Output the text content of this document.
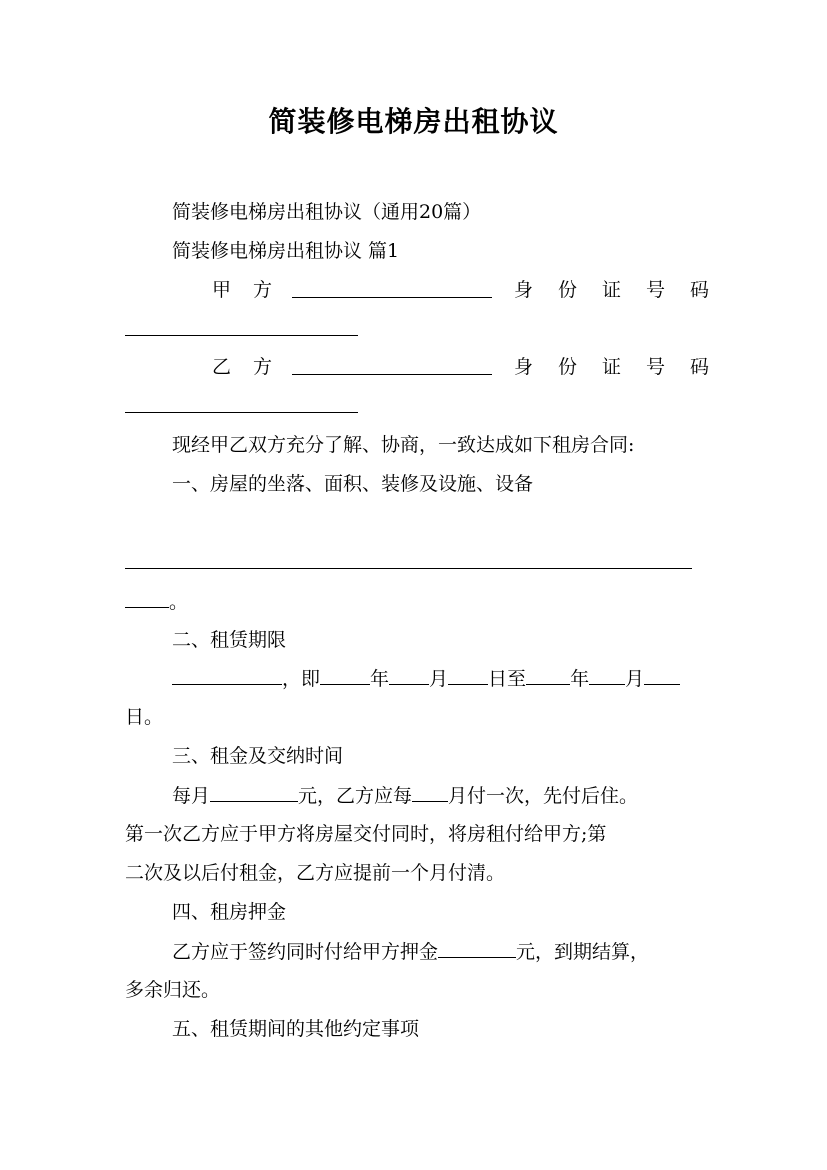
简装修电梯房出租协议
简装修电梯房出租协议（通用20篇）
简装修电梯房出租协议 篇1
甲方	身份证号码
乙方	身份证号码
现经甲乙双方充分了解、协商，一致达成如下租房合同:
一、房屋的坐落、面积、装修及设施、设备
。
二、租赁期限
，即	年 月 日至 年 月
日。
三、租金及交纳时间
每月	元，乙方应每 月付一次，先付后住。
第一次乙方应于甲方将房屋交付同时，将房租付给甲方;第
二次及以后付租金，乙方应提前一个月付清。
四、租房押金
乙方应于签约同时付给甲方押金	元，到期结算，
多余归还。
五、租赁期间的其他约定事项
